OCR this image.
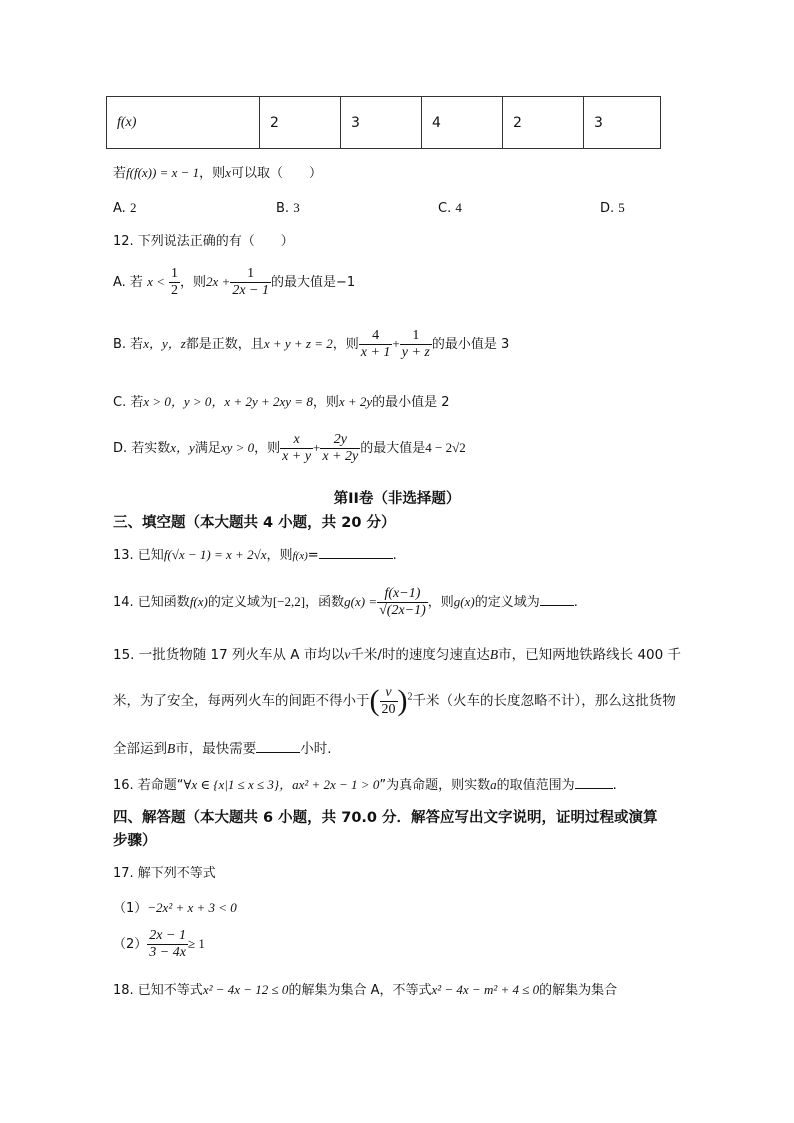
f(x)	2	3	4	2	3
若f(f(x)) = x − 1，则x可以取（　　）
A. 2	B. 3	C. 4	D. 5
12. 下列说法正确的有（　　）
A. 若 $x < \frac{1}{2}$ ，则$2x + \frac{1}{2x - 1}$ 的最大值是−1
B. 若x，y，z都是正数，且x + y + z = 2，则 $\frac{4}{x + 1} + \frac{1}{y + z}$ 的最小值是 3
C. 若x > 0，y > 0，x + 2y + 2xy = 8，则x + 2y的最小值是 2
D. 若实数x，y满足xy > 0，则 $\frac{x}{x + y} + \frac{2y}{x + 2y}$ 的最大值是4 − 2√2
第II卷（非选择题）
三、填空题（本大题共 4 小题，共 20 分）
13. 已知f(√x − 1) = x + 2√x，则f(x)=	.
14. 已知函数f(x)的定义域为[−2,2]，函数$g(x) = \frac{f(x-1)}{√(2x-1)}$ ，则g(x)的定义域为	.
15. 一批货物随 17 列火车从 A 市均以v千米/时的速度匀速直达B市，已知两地铁路线长 400 千
米，为了安全，每两列火车的间距不得小于( $\frac{v}{20} )^2$千米（火车的长度忽略不计），那么这批货物
全部运到B市，最快需要	小时.
16. 若命题“∀x ∈ {x|1 ≤ x ≤ 3}，ax² + 2x − 1 > 0”为真命题，则实数a的取值范围为	.
四、解答题（本大题共 6 小题，共 70.0 分．解答应写出文字说明，证明过程或演算
步骤）
17. 解下列不等式
（1）−2x² + x + 3 < 0
$(2) \frac{2x - 1}{3 - 4x} \ge 1$
18. 已知不等式x² − 4x − 12 ≤ 0的解集为集合 A，不等式x² − 4x − m² + 4 ≤ 0的解集为集合
